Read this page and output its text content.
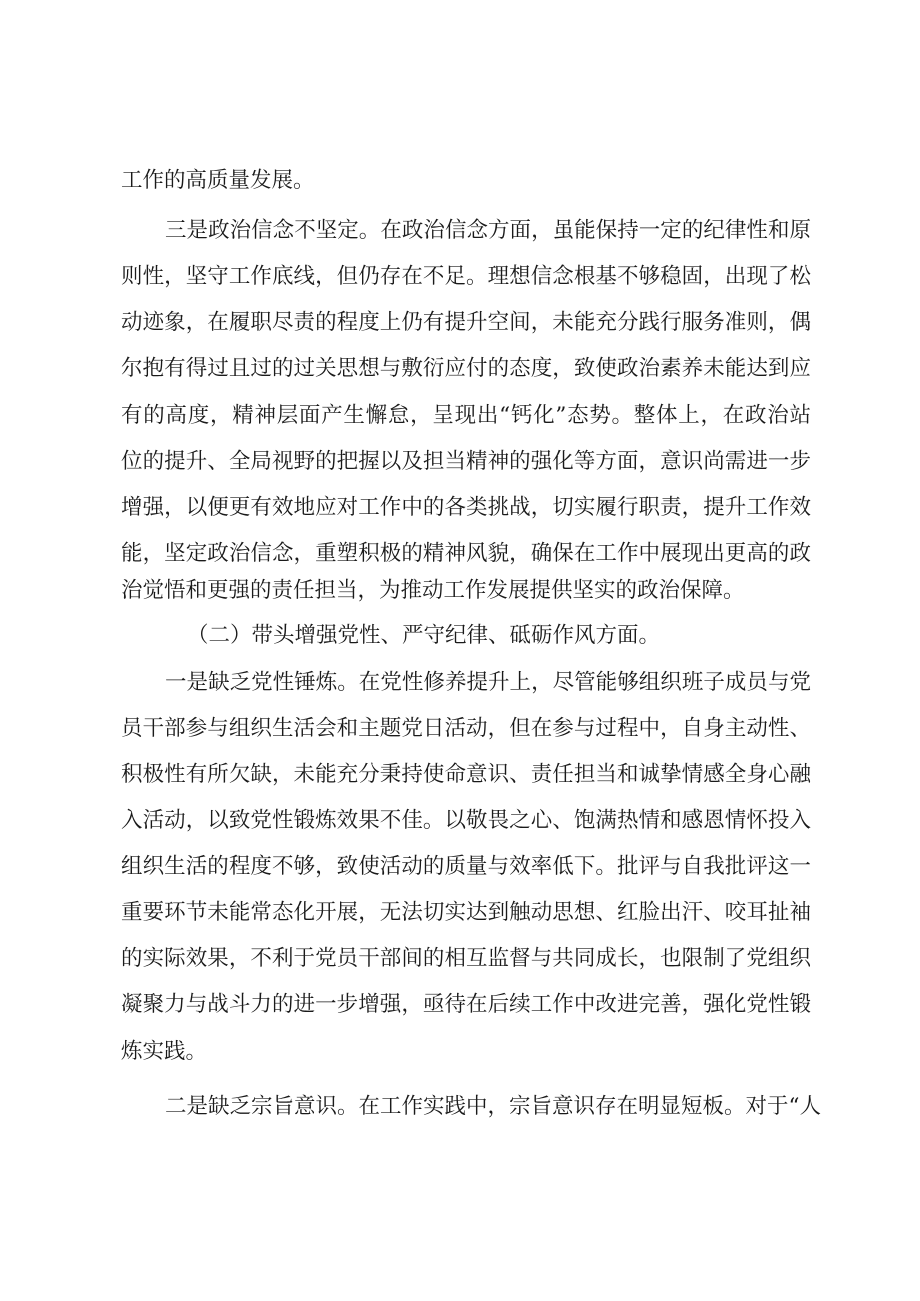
工作的高质量发展。
三是政治信念不坚定。在政治信念方面，虽能保持一定的纪律性和原
则性，坚守工作底线，但仍存在不足。理想信念根基不够稳固，出现了松
动迹象，在履职尽责的程度上仍有提升空间，未能充分践行服务准则，偶
尔抱有得过且过的过关思想与敷衍应付的态度，致使政治素养未能达到应
有的高度，精神层面产生懈怠，呈现出“钙化”态势。整体上，在政治站
位的提升、全局视野的把握以及担当精神的强化等方面，意识尚需进一步
增强，以便更有效地应对工作中的各类挑战，切实履行职责，提升工作效
能，坚定政治信念，重塑积极的精神风貌，确保在工作中展现出更高的政
治觉悟和更强的责任担当，为推动工作发展提供坚实的政治保障。
（二）带头增强党性、严守纪律、砥砺作风方面。
一是缺乏党性锤炼。在党性修养提升上，尽管能够组织班子成员与党
员干部参与组织生活会和主题党日活动，但在参与过程中，自身主动性、
积极性有所欠缺，未能充分秉持使命意识、责任担当和诚挚情感全身心融
入活动，以致党性锻炼效果不佳。以敬畏之心、饱满热情和感恩情怀投入
组织生活的程度不够，致使活动的质量与效率低下。批评与自我批评这一
重要环节未能常态化开展，无法切实达到触动思想、红脸出汗、咬耳扯袖
的实际效果，不利于党员干部间的相互监督与共同成长，也限制了党组织
凝聚力与战斗力的进一步增强，亟待在后续工作中改进完善，强化党性锻
炼实践。
二是缺乏宗旨意识。在工作实践中，宗旨意识存在明显短板。对于“人
